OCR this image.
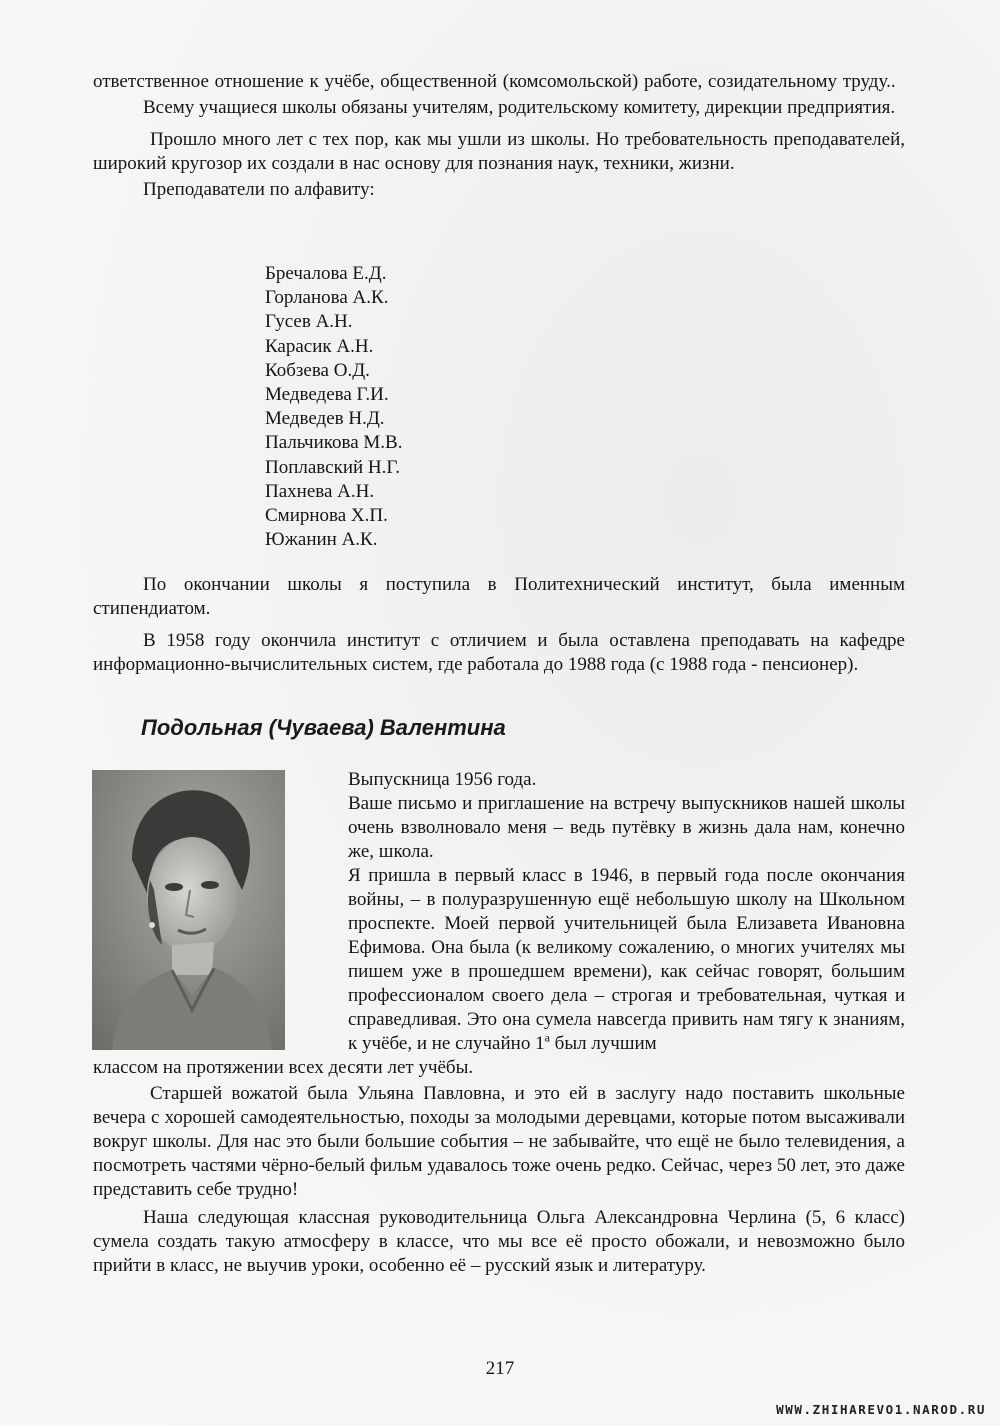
ответственное отношение к учёбе, общественной (комсомольской) работе, созидательному труду..

Всему учащиеся школы обязаны учителям, родительскому комитету, дирекции предприятия.

Прошло много лет с тех пор, как мы ушли из школы. Но требовательность преподавателей, широкий кругозор их создали в нас основу для познания наук, техники, жизни.

Преподаватели по алфавиту:

Бречалова Е.Д.
Горланова А.К.
Гусев А.Н.
Карасик А.Н.
Кобзева О.Д.
Медведева Г.И.
Медведев Н.Д.
Пальчикова М.В.
Поплавский Н.Г.
Пахнева А.Н.
Смирнова Х.П.
Южанин А.К.

По окончании школы я поступила в Политехнический институт, была именным стипендиатом.

В 1958 году окончила институт с отличием и была оставлена преподавать на кафедре информационно-вычислительных систем, где работала до 1988 года (с 1988 года - пенсионер).

Подольная (Чуваева) Валентина

Выпускница 1956 года.

Ваше письмо и приглашение на встречу выпускников нашей школы очень взволновало меня – ведь путёвку в жизнь дала нам, конечно же, школа.

Я пришла в первый класс в 1946, в первый года после окончания войны, – в полуразрушенную ещё небольшую школу на Школьном проспекте. Моей первой учительницей была Елизавета Ивановна Ефимова. Она была (к великому сожалению, о многих учителях мы пишем уже в прошедшем времени), как сейчас говорят, большим профессионалом своего дела – строгая и требовательная, чуткая и справедливая. Это она сумела навсегда привить нам тягу к знаниям, к учёбе, и не случайно $1^а$ был лучшим

классом на протяжении всех десяти лет учёбы.

Старшей вожатой была Ульяна Павловна, и это ей в заслугу надо поставить школьные вечера с хорошей самодеятельностью, походы за молодыми деревцами, которые потом высаживали вокруг школы. Для нас это были большие события – не забывайте, что ещё не было телевидения, а посмотреть частями чёрно-белый фильм удавалось тоже очень редко. Сейчас, через 50 лет, это даже представить себе трудно!

Наша следующая классная руководительница Ольга Александровна Черлина (5, 6 класс) сумела создать такую атмосферу в классе, что мы все её просто обожали, и невозможно было прийти в класс, не выучив уроки, особенно её – русский язык и литературу.

217
WWW.ZHIHAREVO1.NAROD.RU
